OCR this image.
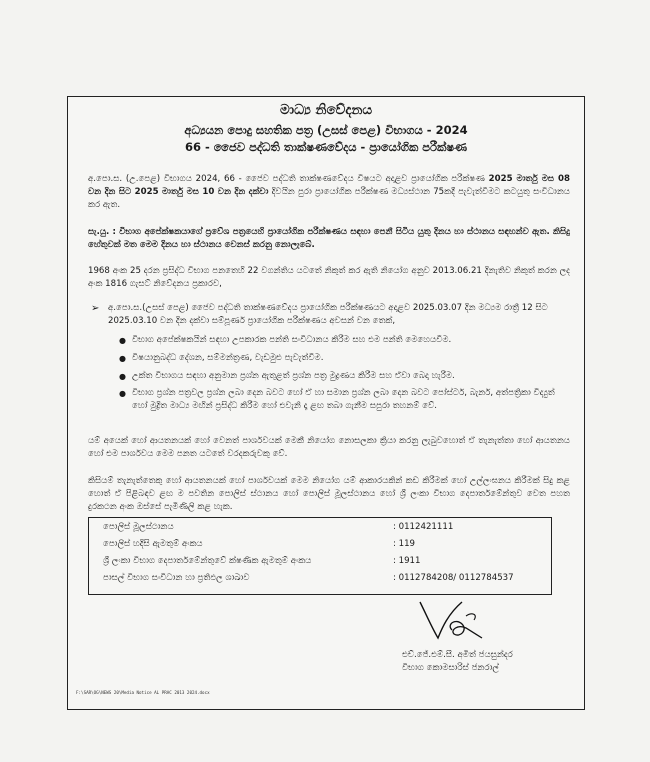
මාධ්‍ය නිවේදනය
අධ්‍යයන පොදු සහතික පත්‍ර (උසස් පෙළ) විභාගය - 2024
66 - ජෛව පද්ධති තාක්ෂණවේදය - ප්‍රායෝගික පරීක්ෂණ
අ.පො.ස. (උ.පෙළ) විභාගය 2024, 66 - ජෛව පද්ධති තාක්ෂණවේදය විෂයට අදාළව ප්‍රායෝගික පරීක්ෂණ 2025 මාර්තු මස 08 වන දින සිට 2025 මාර්තු මස 10 වන දින දක්වා දිවයින පුරා ප්‍රායෝගික පරීක්ෂණ මධ්‍යස්ථාන 75කදී පැවැත්වීමට කටයුතු සංවිධානය කර ඇත.
සැ.යු. : විභාග අපේක්ෂකයාගේ ප්‍රවේශ පත්‍රයෙහි ප්‍රායෝගික පරීක්ෂණය සඳහා පෙනී සිටිය යුතු දිනය හා ස්ථානය සඳහන්ව ඇත. කිසිදු හේතුවක් මත මෙම දිනය හා ස්ථානය වෙනස් කරනු නොලැබේ.
1968 අංක 25 දරන ප්‍රසිද්ධ විභාග පනතෙහි 22 වගන්තිය යටතේ නිකුත් කර ඇති නියෝග අනුව 2013.06.21 දිනැතිව නිකුත් කරන ලද අංක 1816 ගැසට් නිවේදනය ප්‍රකාරව,
➢ අ.පො.ස.(උසස් පෙළ) ජෛව පද්ධති තාක්ෂණවේදය ප්‍රායෝගික පරීක්ෂණයට අදාළව 2025.03.07 දින මධ්‍යම රාත්‍රී 12 සිට 2025.03.10 වන දින දක්වා සම්පූර්ණ ප්‍රායෝගික පරීක්ෂණය අවසන් වන තෙක්,
● විභාග අපේක්ෂකයින් සඳහා උපකාරක පන්ති සංවිධානය කිරීම සහ එම පන්ති මෙහෙයවීම.
● විෂයානුබද්ධ දේශන, සම්මන්ත්‍රණ, වැඩමුළු පැවැත්වීම.
● උක්ත විභාගය සඳහා අනුමාන ප්‍රශ්න ඇතුළත් ප්‍රශ්න පත්‍ර මුද්‍රණය කිරීම සහ ඒවා බෙදා හැරීම.
● විභාග ප්‍රශ්න පත්‍රවල ප්‍රශ්න ලබා දෙන බවට හෝ ඒ හා සමාන ප්‍රශ්න ලබා දෙන බවට පෝස්ටර්, බැනර්, අත්පත්‍රිකා විද්‍යුත් හෝ මුද්‍රිත මාධ්‍ය මඟින් ප්‍රසිද්ධ කිරීම හෝ එවැනි දෑ ළඟ තබා ගැනීම සපුරා තහනම් වේ.
යම් අයෙක් හෝ ආයතනයක් හෝ වෙනත් පාර්ශවයක් මෙකී නියෝග නොසලකා ක්‍රියා කරනු ලැබුවහොත් ඒ තැනැත්තා හෝ ආයතනය හෝ එම පාර්ශවය මෙම පනත යටතේ වරදකරුවකු වේ.
කිසියම් තැනැත්තෙකු හෝ ආයතනයක් හෝ පාර්ශවයක් මෙම නියෝග යම් ආකාරයකින් කඩ කිරීමක් හෝ උල්ලංඝනය කිරීමක් සිදු කළ හොත් ඒ පිළිබඳව ළඟ ම පවතින පොලිස් ස්ථානය හෝ පොලිස් මූලස්ථානය හෝ ශ්‍රී ලංකා විභාග දෙපාර්තමේන්තුව වෙත පහත දුරකථන අංක ඔස්සේ පැමිණිලි කළ හැක.
පොලිස් මූලස්ථානය	: 0112421111
පොලිස් හදිසි ඇමතුම් අංකය	: 119
ශ්‍රී ලංකා විභාග දෙපාර්තමේන්තුවේ ක්ෂණික ඇමතුම් අංකය	: 1911
පාසල් විභාග සංවිධාන හා ප්‍රතිඵල ශාඛාව	: 0112784208/ 0112784537
එච්.ජේ.එම්.සී. අමිත් ජයසුන්දර
විභාග කොමසාරිස් ජනරාල්
F:\SAR\OG\NEWS 20\Media Notice AL PRAC 2013 2024.docx
